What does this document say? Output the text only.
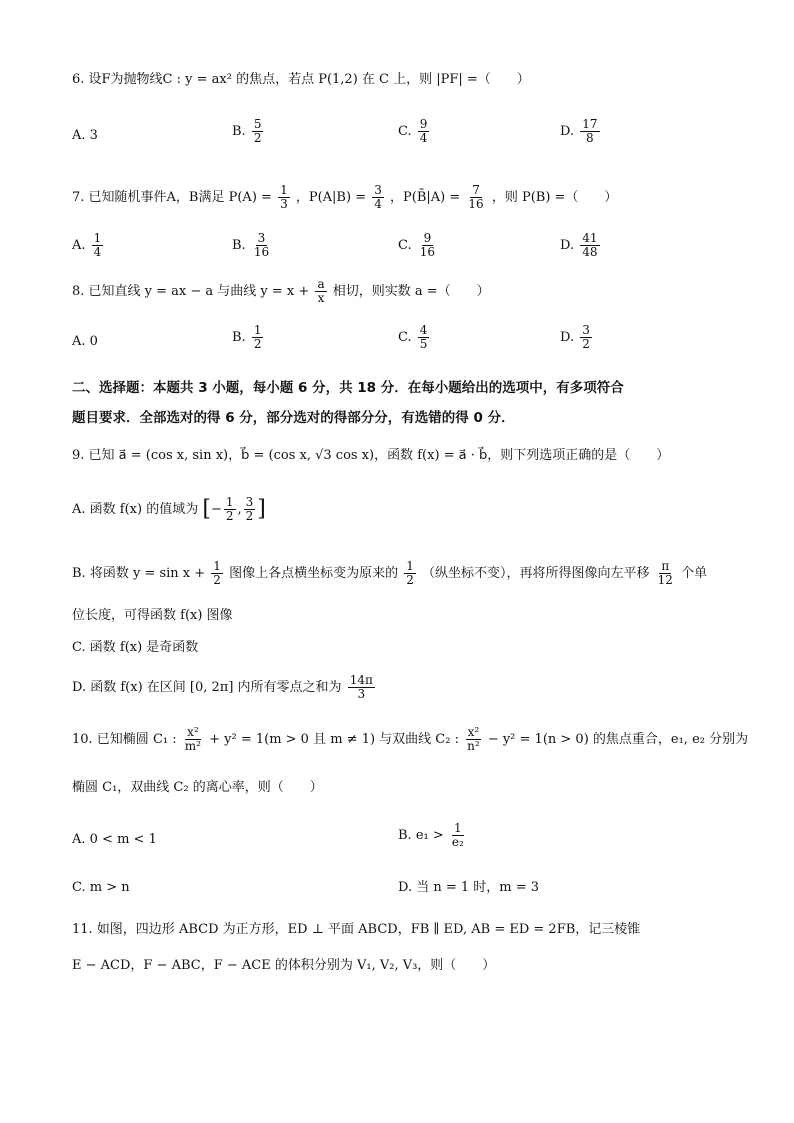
6. 设F为抛物线C : y = ax² 的焦点，若点 P(1,2) 在 C 上，则 |PF| =（　　）
A. 3	B. $\frac{5}{2}$	C. $\frac{9}{4}$	D. $\frac{17}{8}$
7. 已知随机事件A，B满足 $P(A) = \frac{1}{3}$ ，$P(A|B) = \frac{3}{4}$ ，P(B̄|A) = $\frac{7}{16}$ ，则 P(B) =（　　）
A. $\frac{1}{4}$	B. $\frac{3}{16}$	C. $\frac{9}{16}$	D. $\frac{41}{48}$
8. 已知直线 y = ax − a 与曲线 $y = x + \frac{a}{x}$ 相切，则实数 a =（　　）
A. 0	B. $\frac{1}{2}$	C. $\frac{4}{5}$	D. $\frac{3}{2}$
二、选择题：本题共 3 小题，每小题 6 分，共 18 分．在每小题给出的选项中，有多项符合
题目要求．全部选对的得 6 分，部分选对的得部分分，有选错的得 0 分．
9. 已知 a⃗ = (cos x, sin x)，b⃗ = (cos x, √3 cos x)，函数 f(x) = a⃗ · b⃗，则下列选项正确的是（　　）
A. 函数 f(x) 的值域为 [− $\frac{1}{2}$ , $\frac{3}{2}$ ]
B. 将函数 $y = \sin x + \frac{1}{2}$ 图像上各点横坐标变为原来的 $\frac{1}{2}$ （纵坐标不变），再将所得图像向左平移 $\frac{\pi}{12}$ 个单
位长度，可得函数 f(x) 图像
C. 函数 f(x) 是奇函数
D. 函数 f(x) 在区间 [0, 2π] 内所有零点之和为 $\frac{14\pi}{3}$
10. 已知椭圆 C₁ : $\frac{\text{x²}}{\text{m²}} + y^2 = 1(m > 0$ 且 m ≠ 1) 与双曲线 C₂ : $\frac{\text{x²}}{\text{n²}} - y^2 = 1(n > 0)$ 的焦点重合，e₁, e₂ 分别为
椭圆 C₁，双曲线 C₂ 的离心率，则（　　）
A. 0 < m < 1	B. $e_1 > \frac{1}{\text{e₂}}$
C. m > n	D. 当 n = 1 时，m = 3
11. 如图，四边形 ABCD 为正方形，ED ⊥ 平面 ABCD，FB ∥ ED, AB = ED = 2FB，记三棱锥
E − ACD，F − ABC，F − ACE 的体积分别为 V₁, V₂, V₃，则（　　）
